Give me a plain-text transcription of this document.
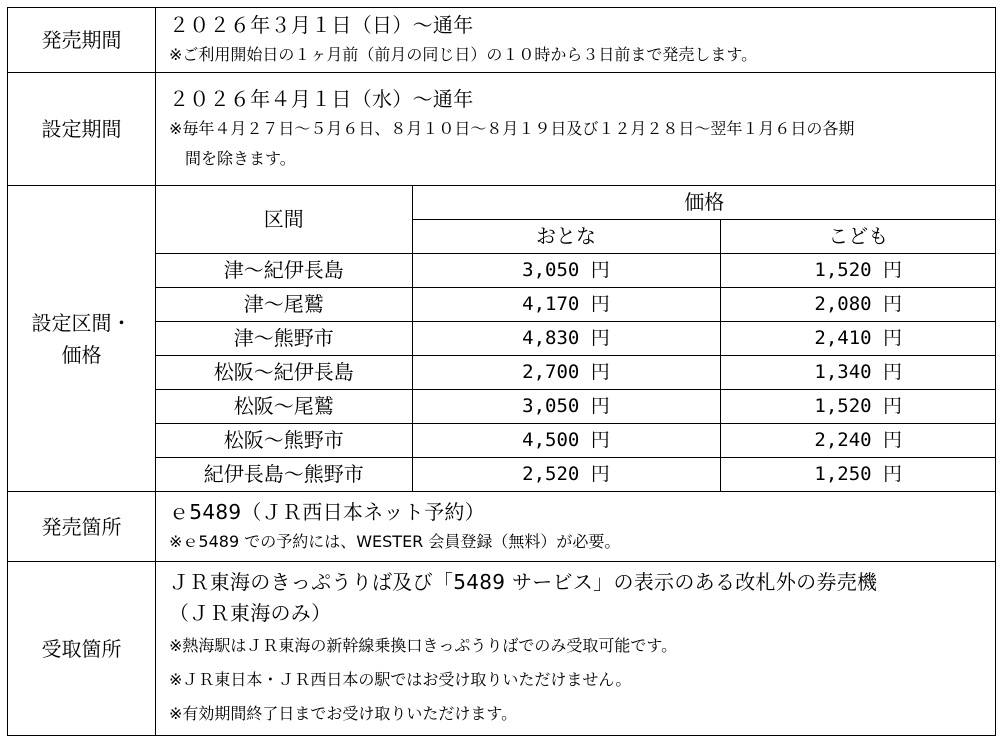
発売期間	
２０２６年３月１日（日）～通年
※ご利用開始日の１ヶ月前（前月の同じ日）の１０時から３日前まで発売します。

設定期間	
２０２６年４月１日（水）～通年
※毎年４月２７日～５月６日、８月１０日～８月１９日及び１２月２８日～翌年１月６日の各期
間を除きます。

設定区間・
価格

区間	価格
おとな	こども
津～紀伊長島	3,050 円	1,520 円
津～尾鷲	4,170 円	2,080 円
津～熊野市	4,830 円	2,410 円
松阪～紀伊長島	2,700 円	1,340 円
松阪～尾鷲	3,050 円	1,520 円
松阪～熊野市	4,500 円	2,240 円
紀伊長島～熊野市	2,520 円	1,250 円

発売箇所	
ｅ5489（ＪＲ西日本ネット予約）
※ｅ5489 での予約には、WESTER 会員登録（無料）が必要。

受取箇所	
ＪＲ東海のきっぷうりば及び「5489 サービス」の表示のある改札外の券売機
（ＪＲ東海のみ）
※熱海駅はＪＲ東海の新幹線乗換口きっぷうりばでのみ受取可能です。
※ＪＲ東日本・ＪＲ西日本の駅ではお受け取りいただけません。
※有効期間終了日までお受け取りいただけます。
